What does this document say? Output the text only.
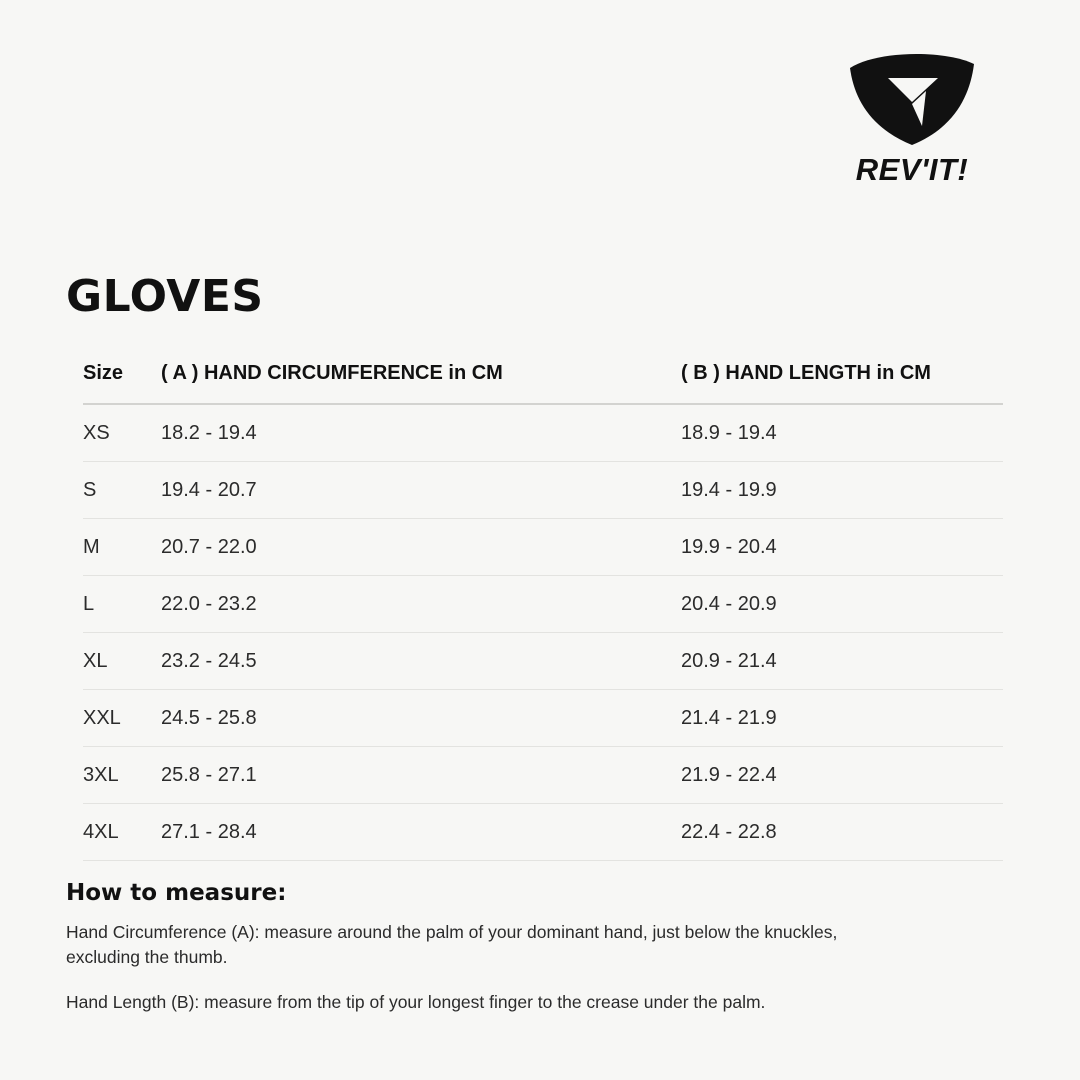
REV'IT!
GLOVES
Size	( A ) HAND CIRCUMFERENCE in CM	( B ) HAND LENGTH in CM
XS	18.2 - 19.4	18.9 - 19.4
S	19.4 - 20.7	19.4 - 19.9
M	20.7 - 22.0	19.9 - 20.4
L	22.0 - 23.2	20.4 - 20.9
XL	23.2 - 24.5	20.9 - 21.4
XXL	24.5 - 25.8	21.4 - 21.9
3XL	25.8 - 27.1	21.9 - 22.4
4XL	27.1 - 28.4	22.4 - 22.8
How to measure:

Hand Circumference (A): measure around the palm of your dominant hand, just below the knuckles, excluding the thumb.

Hand Length (B): measure from the tip of your longest finger to the crease under the palm.
